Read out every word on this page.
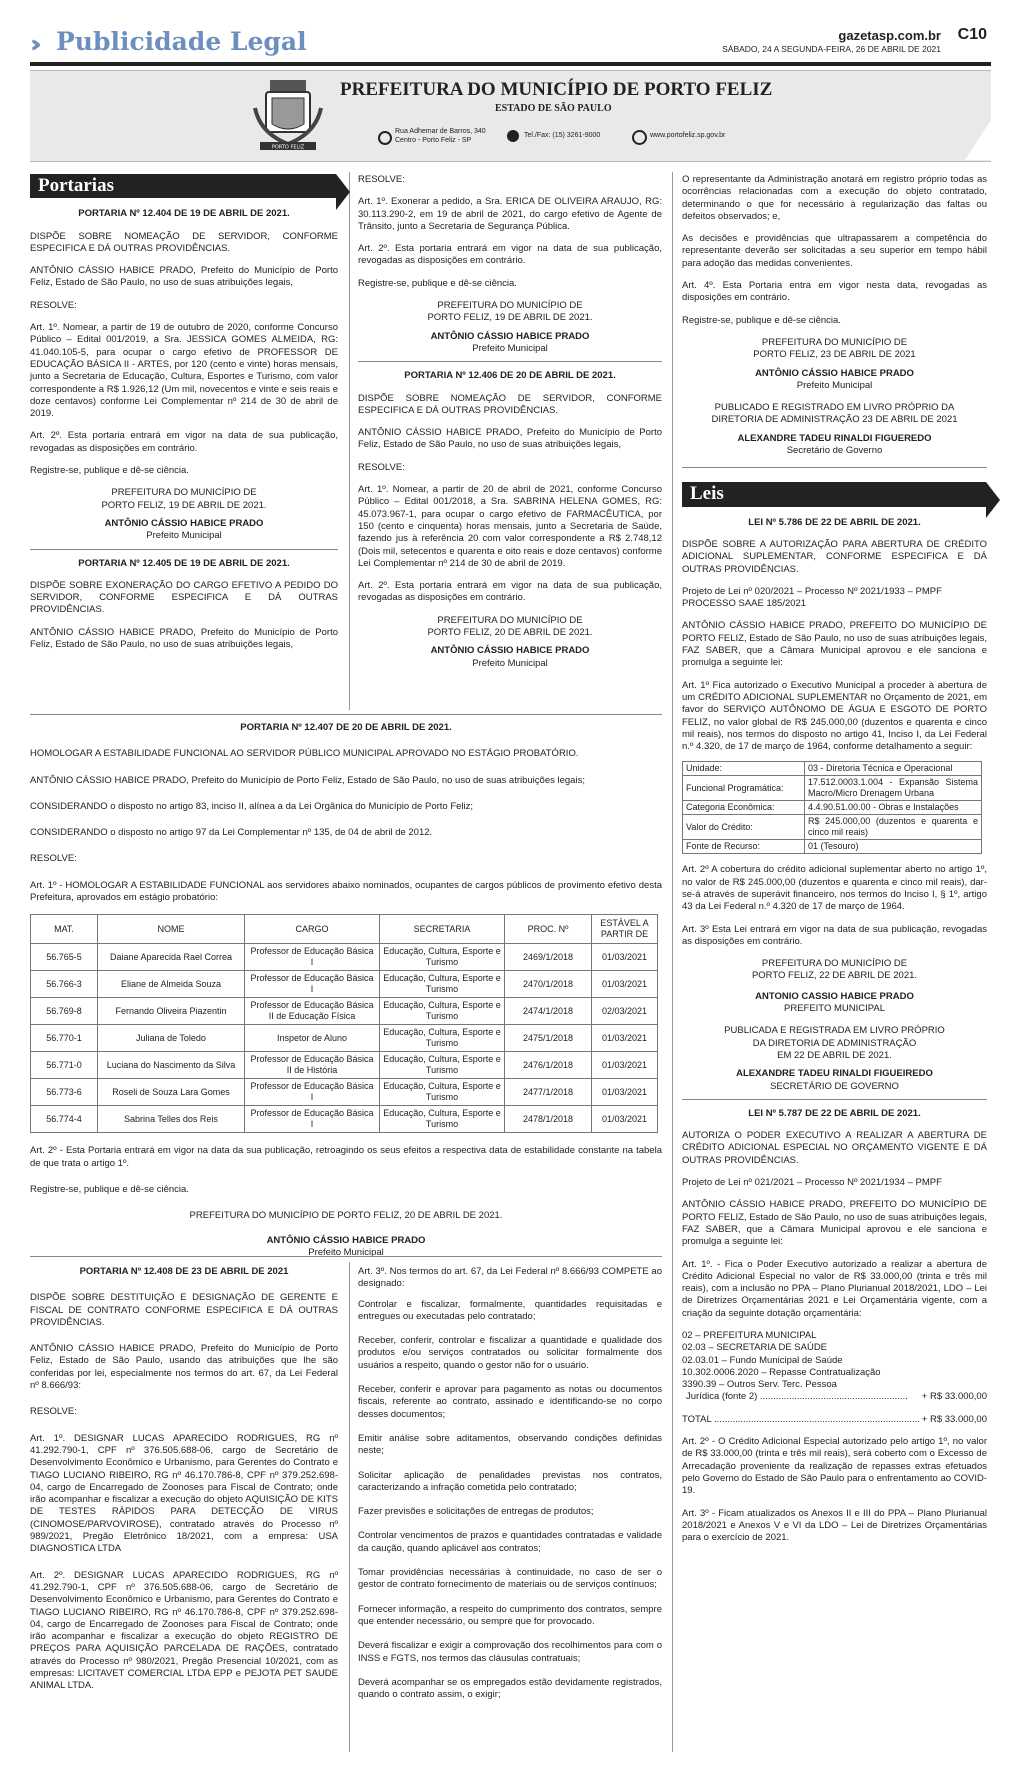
›› Publicidade Legal	gazetasp.com.br C10
SÁBADO, 24 A SEGUNDA-FEIRA, 26 DE ABRIL DE 2021
PORTO FELIZ
PREFEITURA DO MUNICÍPIO DE PORTO FELIZ
ESTADO DE SÃO PAULO
Rua Adhemar de Barros, 340
Centro - Porto Feliz - SP
Tel./Fax: (15) 3261-9000	www.portofeliz.sp.gov.br
Portarias

PORTARIA Nº 12.404 DE 19 DE ABRIL DE 2021.

DISPÕE SOBRE NOMEAÇÃO DE SERVIDOR, CONFORME ESPECIFICA E DÁ OUTRAS PROVIDÊNCIAS.

ANTÔNIO CÁSSIO HABICE PRADO, Prefeito do Município de Porto Feliz, Estado de São Paulo, no uso de suas atribuições legais,

RESOLVE:

Art. 1º. Nomear, a partir de 19 de outubro de 2020, conforme Concurso Público – Edital 001/2019, a Sra. JESSICA GOMES ALMEIDA, RG: 41.040.105-5, para ocupar o cargo efetivo de PROFESSOR DE EDUCAÇÃO BÁSICA II - ARTES, por 120 (cento e vinte) horas mensais, junto a Secretaria de Educação, Cultura, Esportes e Turismo, com valor correspondente a R$ 1.926,12 (Um mil, novecentos e vinte e seis reais e doze centavos) conforme Lei Complementar nº 214 de 30 de abril de 2019.

Art. 2º. Esta portaria entrará em vigor na data de sua publicação, revogadas as disposições em contrário.

Registre-se, publique e dê-se ciência.

PREFEITURA DO MUNICÍPIO DE

PORTO FELIZ, 19 DE ABRIL DE 2021.

ANTÔNIO CÁSSIO HABICE PRADO

Prefeito Municipal

PORTARIA Nº 12.405 DE 19 DE ABRIL DE 2021.

DISPÕE SOBRE EXONERAÇÃO DO CARGO EFETIVO A PEDIDO DO SERVIDOR, CONFORME ESPECIFICA E DÁ OUTRAS PROVIDÊNCIAS.

ANTÔNIO CÁSSIO HABICE PRADO, Prefeito do Município de Porto Feliz, Estado de São Paulo, no uso de suas atribuições legais,

RESOLVE:

Art. 1º. Exonerar a pedido, a Sra. ERICA DE OLIVEIRA ARAUJO, RG: 30.113.290-2, em 19 de abril de 2021, do cargo efetivo de Agente de Trânsito, junto a Secretaria de Segurança Pública.

Art. 2º. Esta portaria entrará em vigor na data de sua publicação, revogadas as disposições em contrário.

Registre-se, publique e dê-se ciência.

PREFEITURA DO MUNICÍPIO DE

PORTO FELIZ, 19 DE ABRIL DE 2021.

ANTÔNIO CÁSSIO HABICE PRADO

Prefeito Municipal

PORTARIA Nº 12.406 DE 20 DE ABRIL DE 2021.

DISPÕE SOBRE NOMEAÇÃO DE SERVIDOR, CONFORME ESPECIFICA E DÁ OUTRAS PROVIDÊNCIAS.

ANTÔNIO CÁSSIO HABICE PRADO, Prefeito do Município de Porto Feliz, Estado de São Paulo, no uso de suas atribuições legais,

RESOLVE:

Art. 1º. Nomear, a partir de 20 de abril de 2021, conforme Concurso Público – Edital 001/2018, a Sra. SABRINA HELENA GOMES, RG: 45.073.967-1, para ocupar o cargo efetivo de FARMACÊUTICA, por 150 (cento e cinquenta) horas mensais, junto a Secretaria de Saúde, fazendo jus à referência 20 com valor correspondente a R$ 2.748,12 (Dois mil, setecentos e quarenta e oito reais e doze centavos) conforme Lei Complementar nº 214 de 30 de abril de 2019.

Art. 2º. Esta portaria entrará em vigor na data de sua publicação, revogadas as disposições em contrário.

PREFEITURA DO MUNICÍPIO DE

PORTO FELIZ, 20 DE ABRIL DE 2021.

ANTÔNIO CÁSSIO HABICE PRADO

Prefeito Municipal

PORTARIA Nº 12.407 DE 20 DE ABRIL DE 2021.

HOMOLOGAR A ESTABILIDADE FUNCIONAL AO SERVIDOR PÚBLICO MUNICIPAL APROVADO NO ESTÁGIO PROBATÓRIO.

ANTÔNIO CÁSSIO HABICE PRADO, Prefeito do Município de Porto Feliz, Estado de São Paulo, no uso de suas atribuições legais;

CONSIDERANDO o disposto no artigo 83, inciso II, alínea a da Lei Orgânica do Município de Porto Feliz;

CONSIDERANDO o disposto no artigo 97 da Lei Complementar nº 135, de 04 de abril de 2012.

RESOLVE:

Art. 1º - HOMOLOGAR A ESTABILIDADE FUNCIONAL aos servidores abaixo nominados, ocupantes de cargos públicos de provimento efetivo desta Prefeitura, aprovados em estágio probatório:

MAT.	NOME	CARGO	SECRETARIA	PROC. Nº	ESTÁVEL A PARTIR DE
56.765-5	Daiane Aparecida Rael Correa	Professor de Educação Básica I	Educação, Cultura, Esporte e Turismo	2469/1/2018	01/03/2021
56.766-3	Eliane de Almeida Souza	Professor de Educação Básica I	Educação, Cultura, Esporte e Turismo	2470/1/2018	01/03/2021
56.769-8	Fernando Oliveira Piazentin	Professor de Educação Básica II de Educação Física	Educação, Cultura, Esporte e Turismo	2474/1/2018	02/03/2021
56.770-1	Juliana de Toledo	Inspetor de Aluno	Educação, Cultura, Esporte e Turismo	2475/1/2018	01/03/2021
56.771-0	Luciana do Nascimento da Silva	Professor de Educação Básica II de História	Educação, Cultura, Esporte e Turismo	2476/1/2018	01/03/2021
56.773-6	Roseli de Souza Lara Gomes	Professor de Educação Básica I	Educação, Cultura, Esporte e Turismo	2477/1/2018	01/03/2021
56.774-4	Sabrina Telles dos Reis	Professor de Educação Básica I	Educação, Cultura, Esporte e Turismo	2478/1/2018	01/03/2021

Art. 2º - Esta Portaria entrará em vigor na data da sua publicação, retroagindo os seus efeitos a respectiva data de estabilidade constante na tabela de que trata o artigo 1º.

Registre-se, publique e dê-se ciência.

PREFEITURA DO MUNICÍPIO DE PORTO FELIZ, 20 DE ABRIL DE 2021.

ANTÔNIO CÁSSIO HABICE PRADO

Prefeito Municipal

PORTARIA Nº 12.408 DE 23 DE ABRIL DE 2021

DISPÕE SOBRE DESTITUIÇÃO E DESIGNAÇÃO DE GERENTE E FISCAL DE CONTRATO CONFORME ESPECIFICA E DÁ OUTRAS PROVIDÊNCIAS.

ANTÔNIO CÁSSIO HABICE PRADO, Prefeito do Município de Porto Feliz, Estado de São Paulo, usando das atribuições que lhe são conferidas por lei, especialmente nos termos do art. 67, da Lei Federal nº 8.666/93:

RESOLVE:

Art. 1º. DESIGNAR LUCAS APARECIDO RODRIGUES, RG nº 41.292.790-1, CPF nº 376.505.688-06, cargo de Secretário de Desenvolvimento Econômico e Urbanismo, para Gerentes do Contrato e TIAGO LUCIANO RIBEIRO, RG nº 46.170.786-8, CPF nº 379.252.698-04, cargo de Encarregado de Zoonoses para Fiscal de Contrato; onde irão acompanhar e fiscalizar a execução do objeto AQUISIÇÃO DE KITS DE TESTES RÁPIDOS PARA DETECÇÃO DE VIRUS (CINOMOSE/PARVOVIROSE), contratado através do Processo nº 989/2021, Pregão Eletrônico 18/2021, com a empresa: USA DIAGNOSTICA LTDA

Art. 2º. DESIGNAR LUCAS APARECIDO RODRIGUES, RG nº 41.292.790-1, CPF nº 376.505.688-06, cargo de Secretário de Desenvolvimento Econômico e Urbanismo, para Gerentes do Contrato e TIAGO LUCIANO RIBEIRO, RG nº 46.170.786-8, CPF nº 379.252.698-04, cargo de Encarregado de Zoonoses para Fiscal de Contrato; onde irão acompanhar e fiscalizar a execução do objeto REGISTRO DE PREÇOS PARA AQUISIÇÃO PARCELADA DE RAÇÕES, contratado através do Processo nº 980/2021, Pregão Presencial 10/2021, com as empresas: LICITAVET COMERCIAL LTDA EPP e PEJOTA PET SAUDE ANIMAL LTDA.

Art. 3º. Nos termos do art. 67, da Lei Federal nº 8.666/93 COMPETE ao designado:

Controlar e fiscalizar, formalmente, quantidades requisitadas e entregues ou executadas pelo contratado;

Receber, conferir, controlar e fiscalizar a quantidade e qualidade dos produtos e/ou serviços contratados ou solicitar formalmente dos usuários a respeito, quando o gestor não for o usuário.

Receber, conferir e aprovar para pagamento as notas ou documentos fiscais, referente ao contrato, assinado e identificando-se no corpo desses documentos;

Emitir análise sobre aditamentos, observando condições definidas neste;

Solicitar aplicação de penalidades previstas nos contratos, caracterizando a infração cometida pelo contratado;

Fazer previsões e solicitações de entregas de produtos;

Controlar vencimentos de prazos e quantidades contratadas e validade da caução, quando aplicável aos contratos;

Tomar providências necessárias à continuidade, no caso de ser o gestor de contrato fornecimento de materiais ou de serviços contínuos;

Fornecer informação, a respeito do cumprimento dos contratos, sempre que entender necessário, ou sempre que for provocado.

Deverá fiscalizar e exigir a comprovação dos recolhimentos para com o INSS e FGTS, nos termos das cláusulas contratuais;

Deverá acompanhar se os empregados estão devidamente registrados, quando o contrato assim, o exigir;

O representante da Administração anotará em registro próprio todas as ocorrências relacionadas com a execução do objeto contratado, determinando o que for necessário à regularização das faltas ou defeitos observados; e,

As decisões e providências que ultrapassarem a competência do representante deverão ser solicitadas a seu superior em tempo hábil para adoção das medidas convenientes.

Art. 4º. Esta Portaria entra em vigor nesta data, revogadas as disposições em contrário.

Registre-se, publique e dê-se ciência.

PREFEITURA DO MUNICÍPIO DE

PORTO FELIZ, 23 DE ABRIL DE 2021

ANTÔNIO CÁSSIO HABICE PRADO

Prefeito Municipal

PUBLICADO E REGISTRADO EM LIVRO PRÓPRIO DA

DIRETORIA DE ADMINISTRAÇÃO 23 DE ABRIL DE 2021

ALEXANDRE TADEU RINALDI FIGUEREDO

Secretário de Governo

Leis

LEI Nº 5.786 DE 22 DE ABRIL DE 2021.

DISPÕE SOBRE A AUTORIZAÇÃO PARA ABERTURA DE CRÉDITO ADICIONAL SUPLEMENTAR, CONFORME ESPECIFICA E DÁ OUTRAS PROVIDÊNCIAS.

Projeto de Lei nº 020/2021 – Processo Nº 2021/1933 – PMPF

PROCESSO SAAE 185/2021

ANTÔNIO CÁSSIO HABICE PRADO, PREFEITO DO MUNICÍPIO DE PORTO FELIZ, Estado de São Paulo, no uso de suas atribuições legais, FAZ SABER, que a Câmara Municipal aprovou e ele sanciona e promulga a seguinte lei:

Art. 1º Fica autorizado o Executivo Municipal a proceder à abertura de um CRÉDITO ADICIONAL SUPLEMENTAR no Orçamento de 2021, em favor do SERVIÇO AUTÔNOMO DE ÁGUA E ESGOTO DE PORTO FELIZ, no valor global de R$ 245.000,00 (duzentos e quarenta e cinco mil reais), nos termos do disposto no artigo 41, Inciso I, da Lei Federal n.º 4.320, de 17 de março de 1964, conforme detalhamento a seguir:

Unidade:	03 - Diretoria Técnica e Operacional
Funcional Programática:	17.512.0003.1.004 - Expansão Sistema Macro/Micro Drenagem Urbana
Categoria Econômica:	4.4.90.51.00.00 - Obras e Instalações
Valor do Crédito:	R$ 245.000,00 (duzentos e quarenta e cinco mil reais)
Fonte de Recurso:	01 (Tesouro)

Art. 2º A cobertura do crédito adicional suplementar aberto no artigo 1º, no valor de R$ 245.000,00 (duzentos e quarenta e cinco mil reais), dar-se-á através de superávit financeiro, nos termos do Inciso I, § 1º, artigo 43 da Lei Federal n.º 4.320 de 17 de março de 1964.

Art. 3º Esta Lei entrará em vigor na data de sua publicação, revogadas as disposições em contrário.

PREFEITURA DO MUNICÍPIO DE

PORTO FELIZ, 22 DE ABRIL DE 2021.

ANTONIO CASSIO HABICE PRADO

PREFEITO MUNICIPAL

PUBLICADA E REGISTRADA EM LIVRO PRÓPRIO

DA DIRETORIA DE ADMINISTRAÇÃO

EM 22 DE ABRIL DE 2021.

ALEXANDRE TADEU RINALDI FIGUEIREDO

SECRETÁRIO DE GOVERNO

LEI Nº 5.787 DE 22 DE ABRIL DE 2021.

AUTORIZA O PODER EXECUTIVO A REALIZAR A ABERTURA DE CRÉDITO ADICIONAL ESPECIAL NO ORÇAMENTO VIGENTE E DÁ OUTRAS PROVIDÊNCIAS.

Projeto de Lei nº 021/2021 – Processo Nº 2021/1934 – PMPF

ANTÔNIO CÁSSIO HABICE PRADO, PREFEITO DO MUNICÍPIO DE PORTO FELIZ, Estado de São Paulo, no uso de suas atribuições legais, FAZ SABER, que a Câmara Municipal aprovou e ele sanciona e promulga a seguinte lei:

Art. 1º. - Fica o Poder Executivo autorizado a realizar a abertura de Crédito Adicional Especial no valor de R$ 33.000,00 (trinta e três mil reais), com a inclusão no PPA – Plano Plurianual 2018/2021, LDO – Lei de Diretrizes Orçamentárias 2021 e Lei Orçamentária vigente, com a criação da seguinte dotação orçamentária:

02 – PREFEITURA MUNICIPAL

02.03 – SECRETARIA DE SAÚDE

02.03.01 – Fundo Municipal de Saúde

10.302.0006.2020 – Repasse Contratualização

3390.39 – Outros Serv. Terc. Pessoa

Jurídica (fonte 2) ........................................................ + R$ 33.000,00

TOTAL .............................................................................. + R$ 33.000,00

Art. 2º - O Crédito Adicional Especial autorizado pelo artigo 1º, no valor de R$ 33.000,00 (trinta e três mil reais), será coberto com o Excesso de Arrecadação proveniente da realização de repasses extras efetuados pelo Governo do Estado de São Paulo para o enfrentamento ao COVID-19.

Art. 3º - Ficam atualizados os Anexos II e III do PPA – Plano Plurianual 2018/2021 e Anexos V e VI da LDO – Lei de Diretrizes Orçamentárias para o exercício de 2021.
